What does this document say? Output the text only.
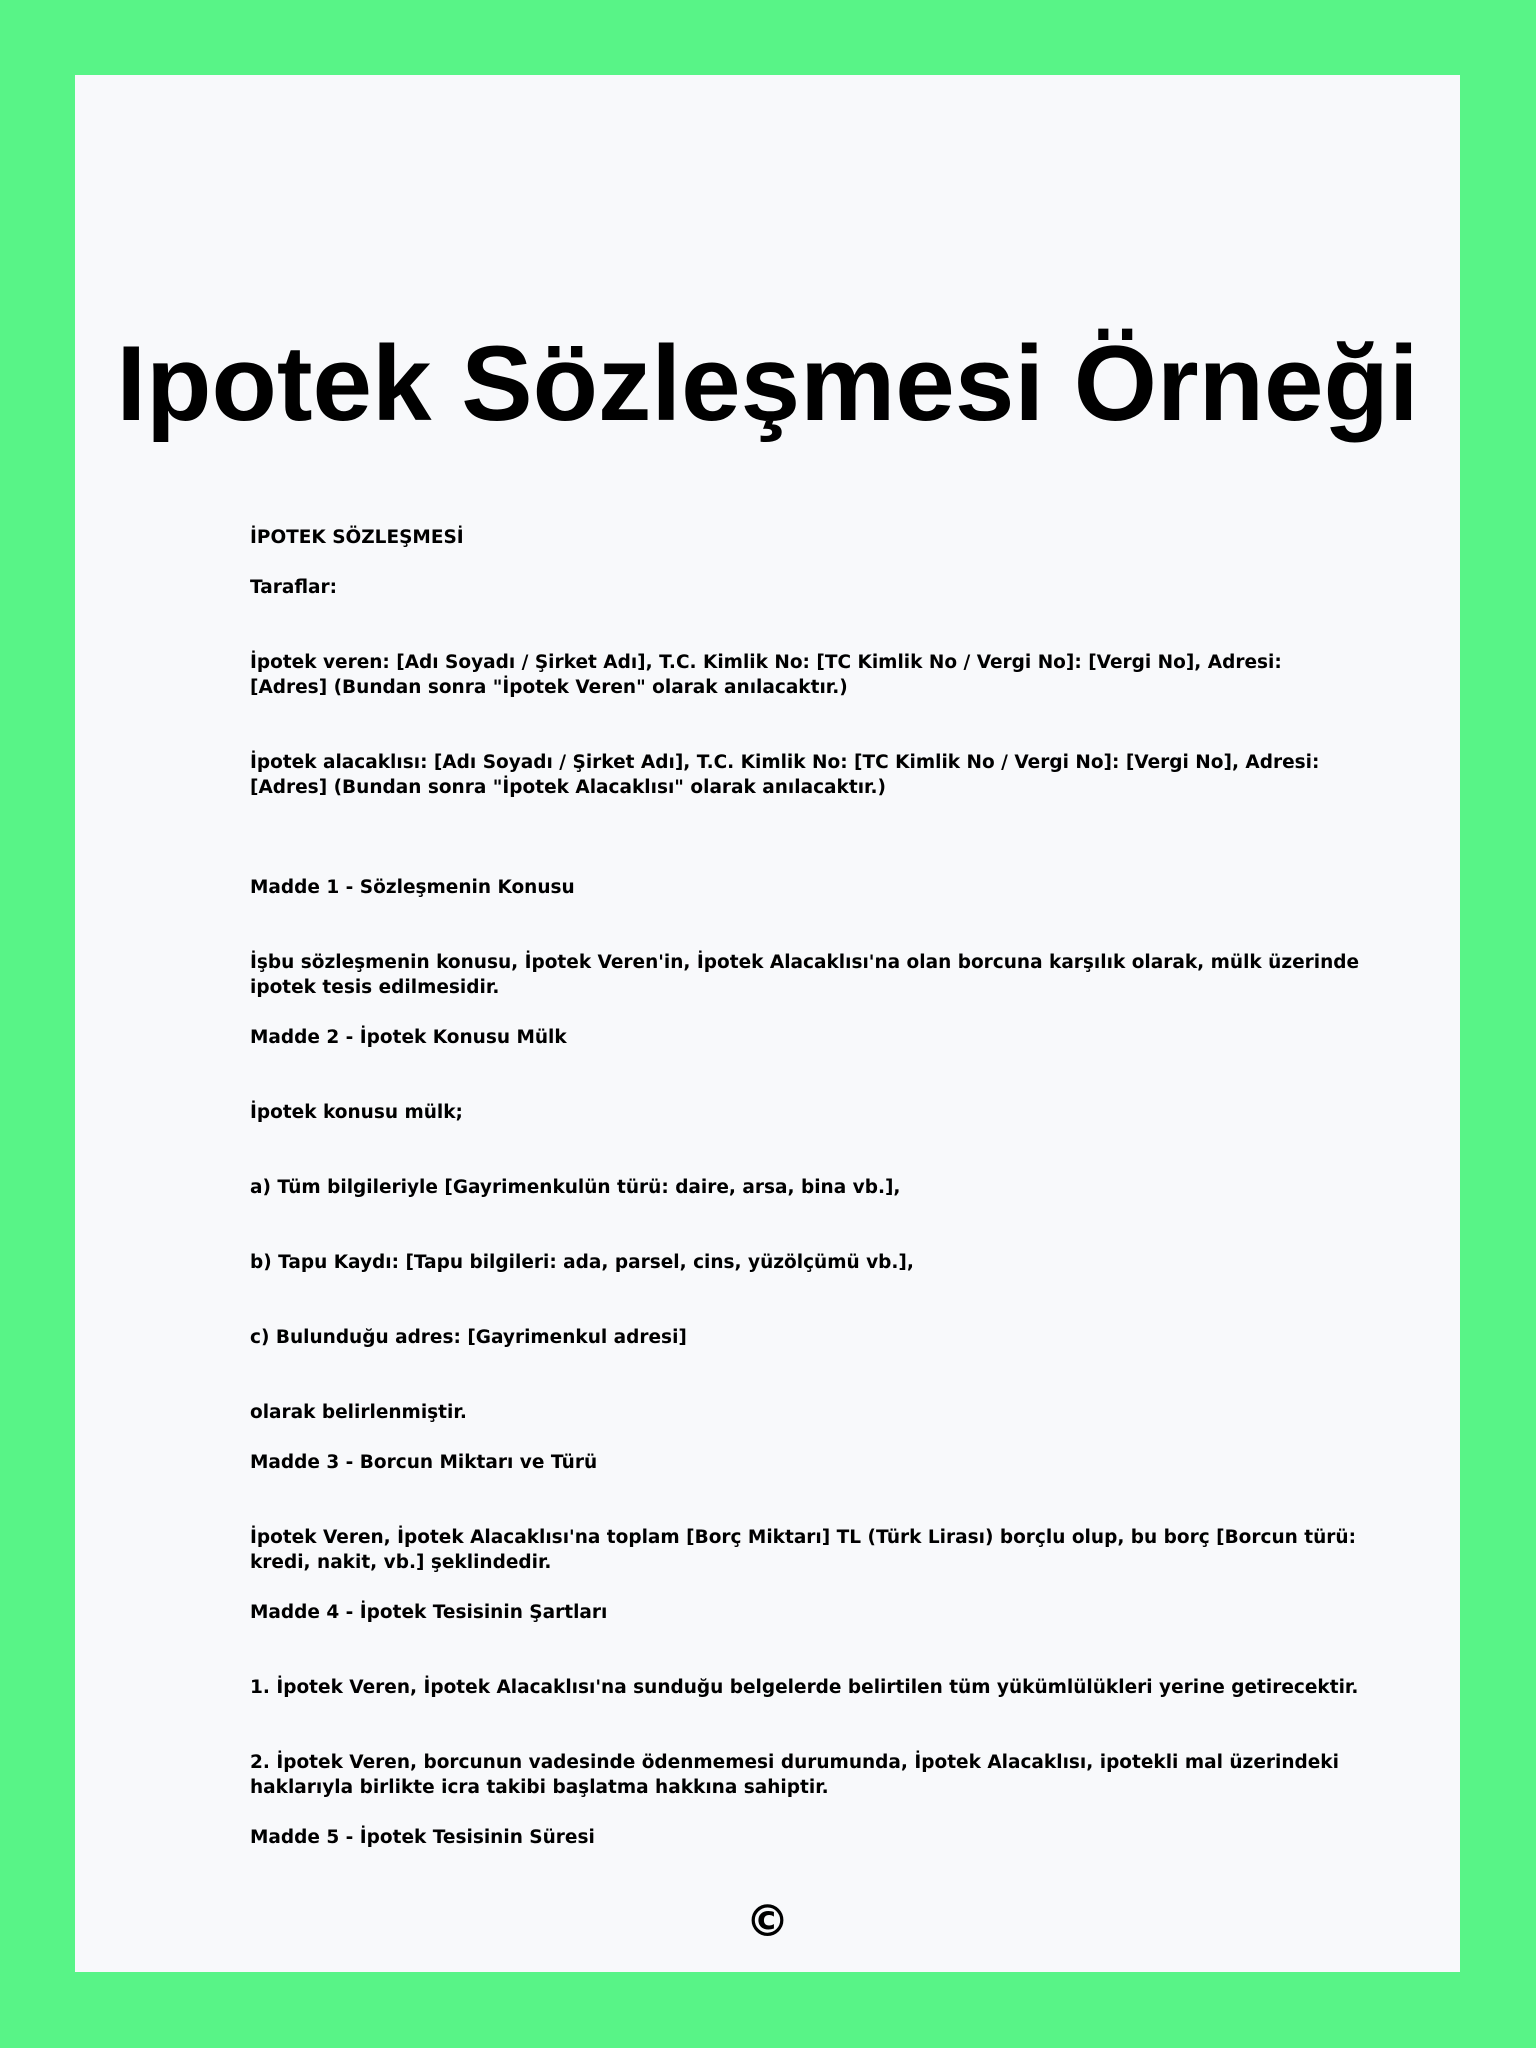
Ipotek Sözleşmesi Örneği

İPOTEK SÖZLEŞMESİ

Taraflar:

İpotek veren: [Adı Soyadı / Şirket Adı], T.C. Kimlik No: [TC Kimlik No / Vergi No]: [Vergi No], Adresi: [Adres] (Bundan sonra "İpotek Veren" olarak anılacaktır.)

İpotek alacaklısı: [Adı Soyadı / Şirket Adı], T.C. Kimlik No: [TC Kimlik No / Vergi No]: [Vergi No], Adresi: [Adres] (Bundan sonra "İpotek Alacaklısı" olarak anılacaktır.)

Madde 1 - Sözleşmenin Konusu

İşbu sözleşmenin konusu, İpotek Veren'in, İpotek Alacaklısı'na olan borcuna karşılık olarak, mülk üzerinde ipotek tesis edilmesidir.

Madde 2 - İpotek Konusu Mülk

İpotek konusu mülk;

a) Tüm bilgileriyle [Gayrimenkulün türü: daire, arsa, bina vb.],

b) Tapu Kaydı: [Tapu bilgileri: ada, parsel, cins, yüzölçümü vb.],

c) Bulunduğu adres: [Gayrimenkul adresi]

olarak belirlenmiştir.

Madde 3 - Borcun Miktarı ve Türü

İpotek Veren, İpotek Alacaklısı'na toplam [Borç Miktarı] TL (Türk Lirası) borçlu olup, bu borç [Borcun türü: kredi, nakit, vb.] şeklindedir.

Madde 4 - İpotek Tesisinin Şartları

1. İpotek Veren, İpotek Alacaklısı'na sunduğu belgelerde belirtilen tüm yükümlülükleri yerine getirecektir.

2. İpotek Veren, borcunun vadesinde ödenmemesi durumunda, İpotek Alacaklısı, ipotekli mal üzerindeki haklarıyla birlikte icra takibi başlatma hakkına sahiptir.

Madde 5 - İpotek Tesisinin Süresi

©
